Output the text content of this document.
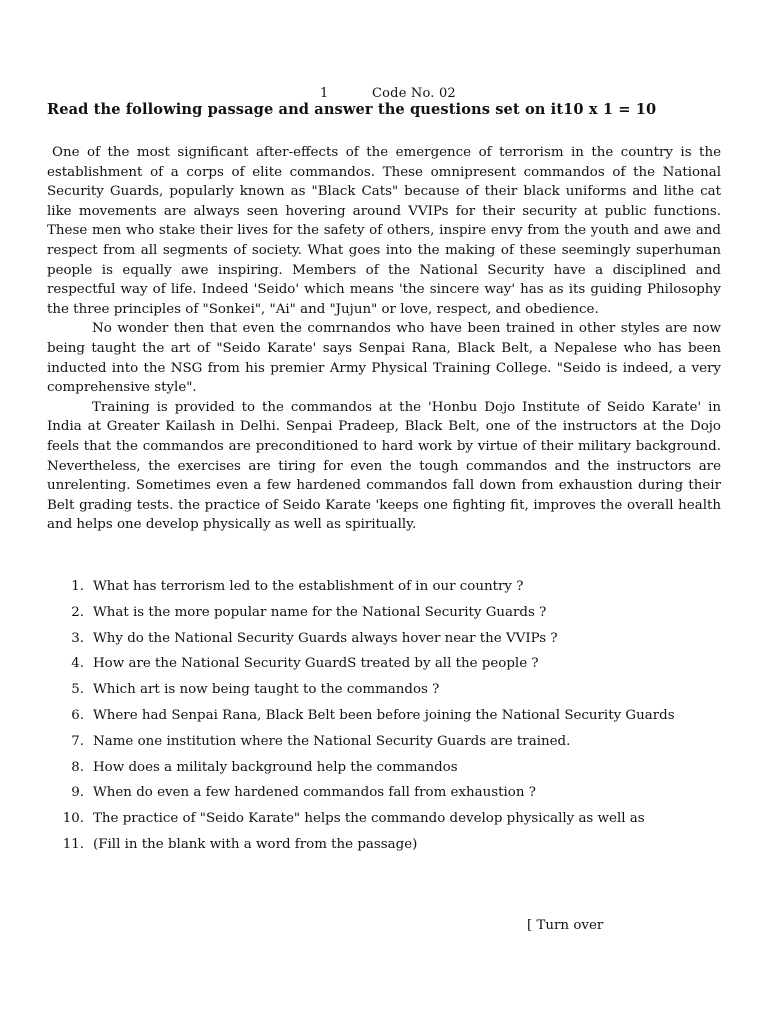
1	Code No. 02
Read the following passage and answer the questions set on it10 x 1 = 10

One of the most significant after-effects of the emergence of terrorism in the country is the establishment of a corps of elite commandos. These omnipresent commandos of the National Security Guards, popularly known as "Black Cats" because of their black uniforms and lithe cat like movements are always seen hovering around VVIPs for their security at public functions. These men who stake their lives for the safety of others, inspire envy from the youth and awe and respect from all segments of society. What goes into the making of these seemingly superhuman people is equally awe inspiring. Members of the National Security have a disciplined and respectful way of life. Indeed 'Seido' which means 'the sincere way' has as its guiding Philosophy the three principles of "Sonkei", "Ai" and "Jujun" or love, respect, and obedience.

No wonder then that even the comrnandos who have been trained in other styles are now being taught the art of "Seido Karate' says Senpai Rana, Black Belt, a Nepalese who has been inducted into the NSG from his premier Army Physical Training College. "Seido is indeed, a very comprehensive style".

Training is provided to the commandos at the 'Honbu Dojo Institute of Seido Karate' in India at Greater Kailash in Delhi. Senpai Pradeep, Black Belt, one of the instructors at the Dojo feels that the commandos are preconditioned to hard work by virtue of their military background. Nevertheless, the exercises are tiring for even the tough commandos and the instructors are unrelenting. Sometimes even a few hardened commandos fall down from exhaustion during their Belt grading tests. the practice of Seido Karate 'keeps one fighting fit, improves the overall health and helps one develop physically as well as spiritually.

1. What has terrorism led to the establishment of in our country ?
2. What is the more popular name for the National Security Guards ?
3. Why do the National Security Guards always hover near the VVIPs ?
4. How are the National Security GuardS treated by all the people ?
5. Which art is now being taught to the commandos ?
6. Where had Senpai Rana, Black Belt been before joining the National Security Guards
7. Name one institution where the National Security Guards are trained.
8. How does a militaly background help the commandos
9. When do even a few hardened commandos fall from exhaustion ?
10. The practice of "Seido Karate" helps the commando develop physically as well as
11. (Fill in the blank with a word from the passage)
[ Turn over
